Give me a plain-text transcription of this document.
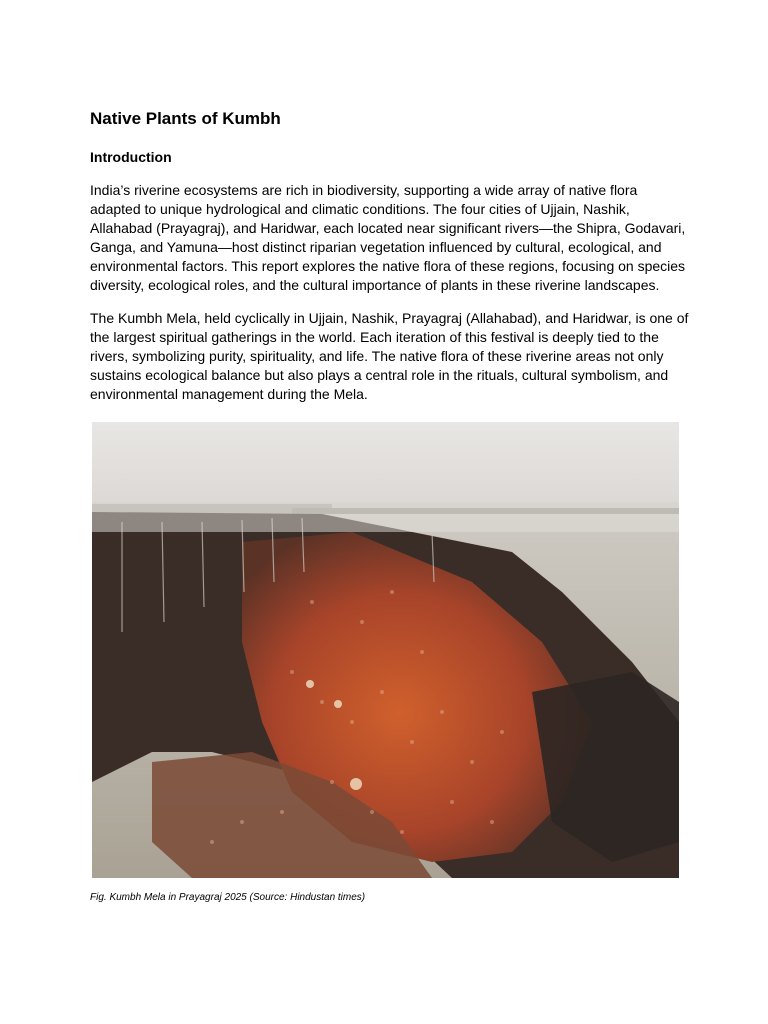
Native Plants of Kumbh
Introduction

India’s riverine ecosystems are rich in biodiversity, supporting a wide array of native flora adapted to unique hydrological and climatic conditions. The four cities of Ujjain, Nashik, Allahabad (Prayagraj), and Haridwar, each located near significant rivers—the Shipra, Godavari, Ganga, and Yamuna—host distinct riparian vegetation influenced by cultural, ecological, and environmental factors. This report explores the native flora of these regions, focusing on species diversity, ecological roles, and the cultural importance of plants in these riverine landscapes.

The Kumbh Mela, held cyclically in Ujjain, Nashik, Prayagraj (Allahabad), and Haridwar, is one of the largest spiritual gatherings in the world. Each iteration of this festival is deeply tied to the rivers, symbolizing purity, spirituality, and life. The native flora of these riverine areas not only sustains ecological balance but also plays a central role in the rituals, cultural symbolism, and environmental management during the Mela.

Fig. Kumbh Mela in Prayagraj 2025 (Source: Hindustan times)
